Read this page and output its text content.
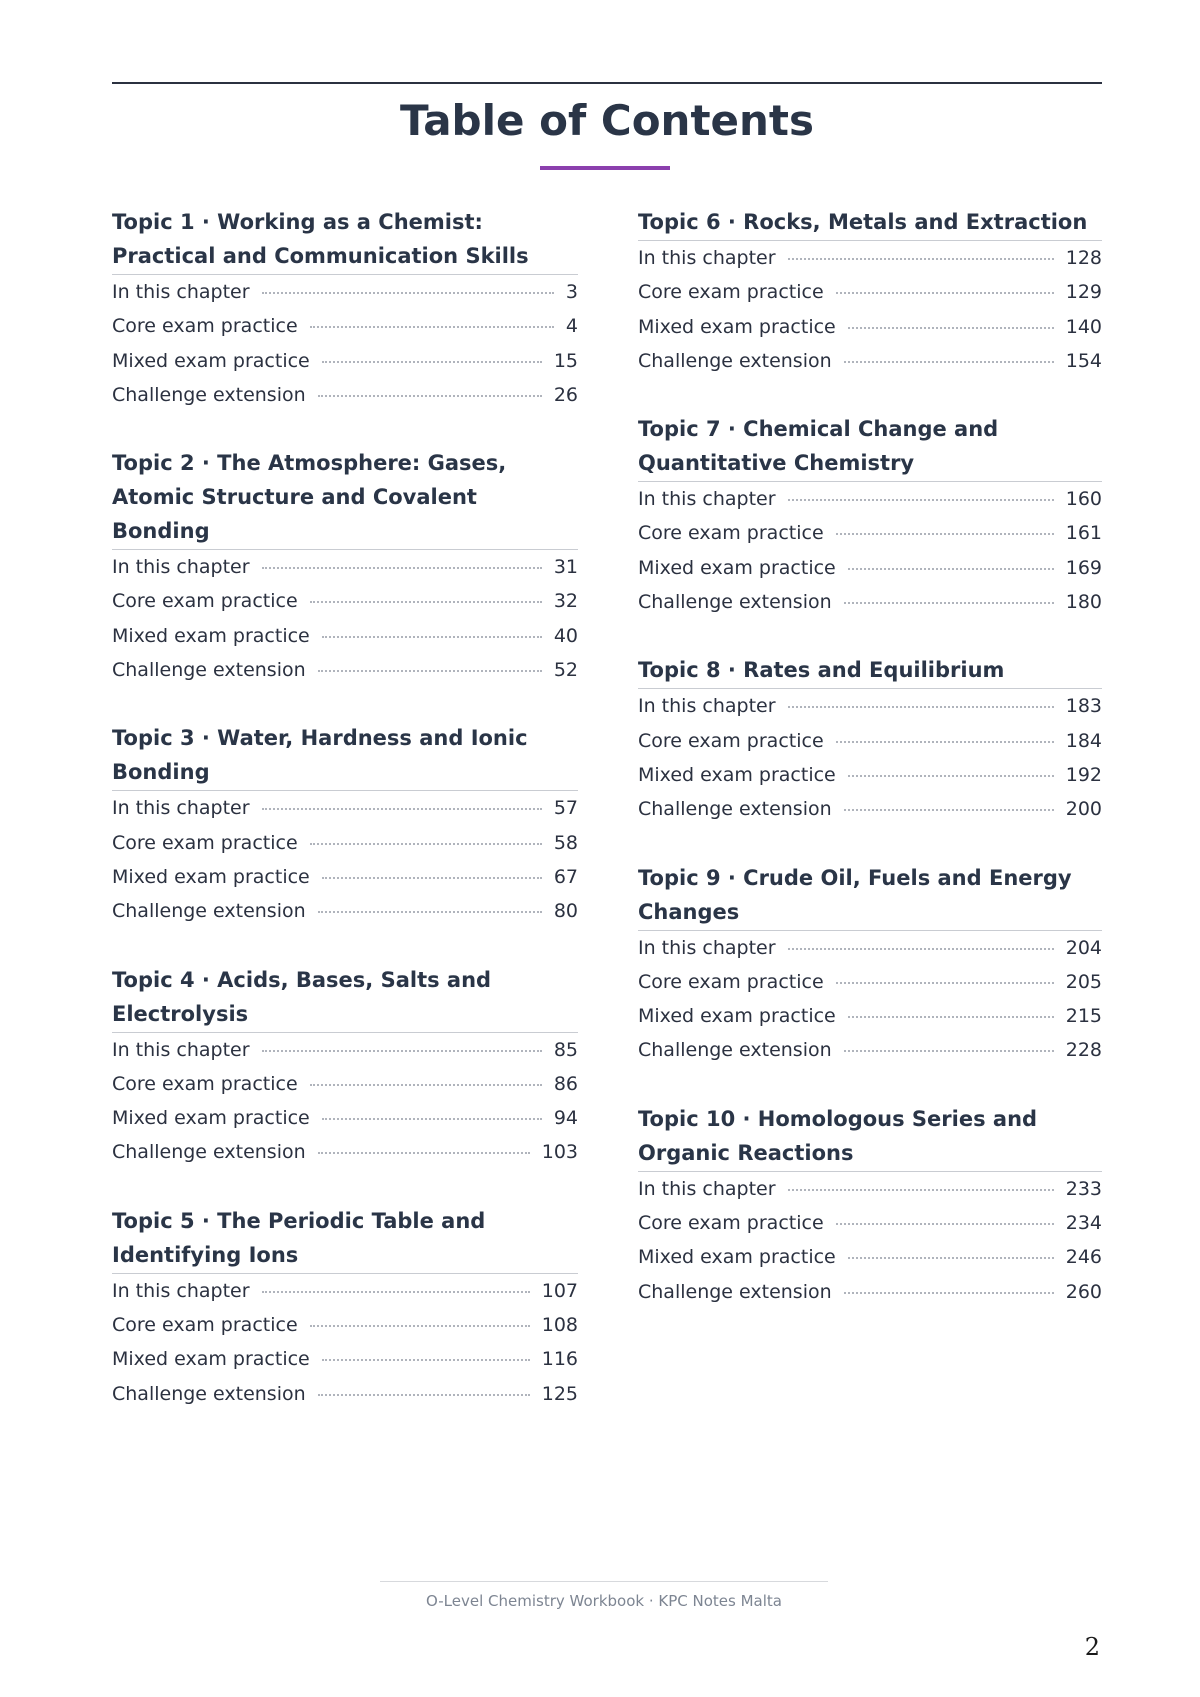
Table of Contents
Topic 1 · Working as a Chemist: Practical and Communication Skills
In this chapter	3
Core exam practice	4
Mixed exam practice	15
Challenge extension	26
Topic 2 · The Atmosphere: Gases, Atomic Structure and Covalent Bonding
In this chapter	31
Core exam practice	32
Mixed exam practice	40
Challenge extension	52
Topic 3 · Water, Hardness and Ionic Bonding
In this chapter	57
Core exam practice	58
Mixed exam practice	67
Challenge extension	80
Topic 4 · Acids, Bases, Salts and Electrolysis
In this chapter	85
Core exam practice	86
Mixed exam practice	94
Challenge extension	103
Topic 5 · The Periodic Table and Identifying Ions
In this chapter	107
Core exam practice	108
Mixed exam practice	116
Challenge extension	125
Topic 6 · Rocks, Metals and Extraction
In this chapter	128
Core exam practice	129
Mixed exam practice	140
Challenge extension	154
Topic 7 · Chemical Change and Quantitative Chemistry
In this chapter	160
Core exam practice	161
Mixed exam practice	169
Challenge extension	180
Topic 8 · Rates and Equilibrium
In this chapter	183
Core exam practice	184
Mixed exam practice	192
Challenge extension	200
Topic 9 · Crude Oil, Fuels and Energy Changes
In this chapter	204
Core exam practice	205
Mixed exam practice	215
Challenge extension	228
Topic 10 · Homologous Series and Organic Reactions
In this chapter	233
Core exam practice	234
Mixed exam practice	246
Challenge extension	260
O-Level Chemistry Workbook · KPC Notes Malta
2
